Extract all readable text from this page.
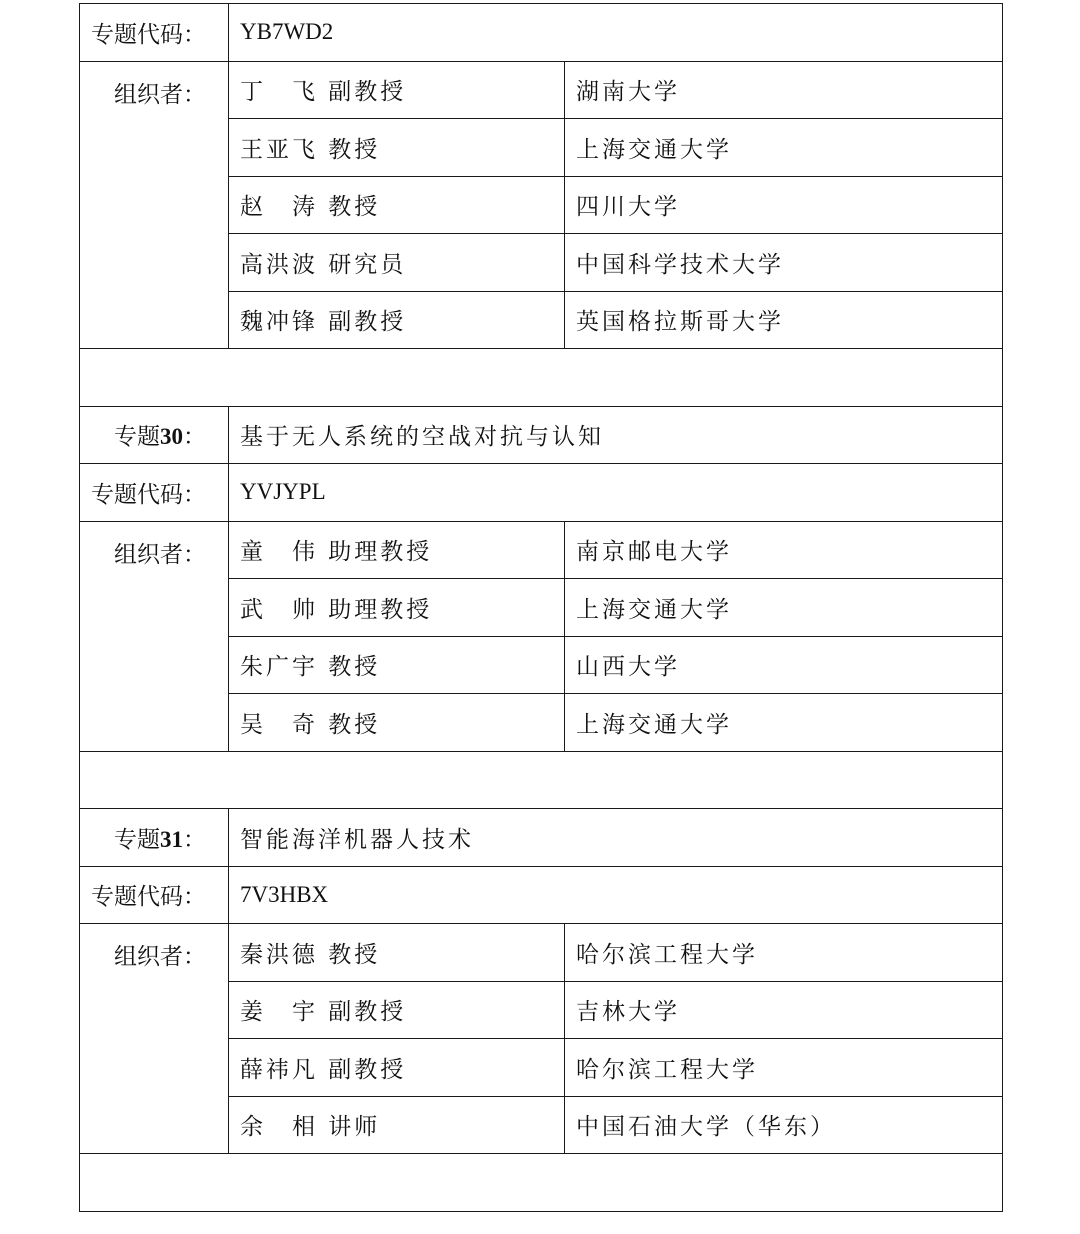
专题代码：	YB7WD2	
组织者：	丁　飞 副教授	湖南大学
	王亚飞 教授	上海交通大学
	赵　涛 教授	四川大学
	高洪波 研究员	中国科学技术大学
	魏冲锋 副教授	英国格拉斯哥大学

专题30：	基于无人系统的空战对抗与认知	
专题代码：	YVJYPL	
组织者：	童　伟 助理教授	南京邮电大学
	武　帅 助理教授	上海交通大学
	朱广宇 教授	山西大学
	吴　奇 教授	上海交通大学

专题31：	智能海洋机器人技术	
专题代码：	7V3HBX	
组织者：	秦洪德 教授	哈尔滨工程大学
	姜　宇 副教授	吉林大学
	薛祎凡 副教授	哈尔滨工程大学
	余　相 讲师	中国石油大学（华东）
